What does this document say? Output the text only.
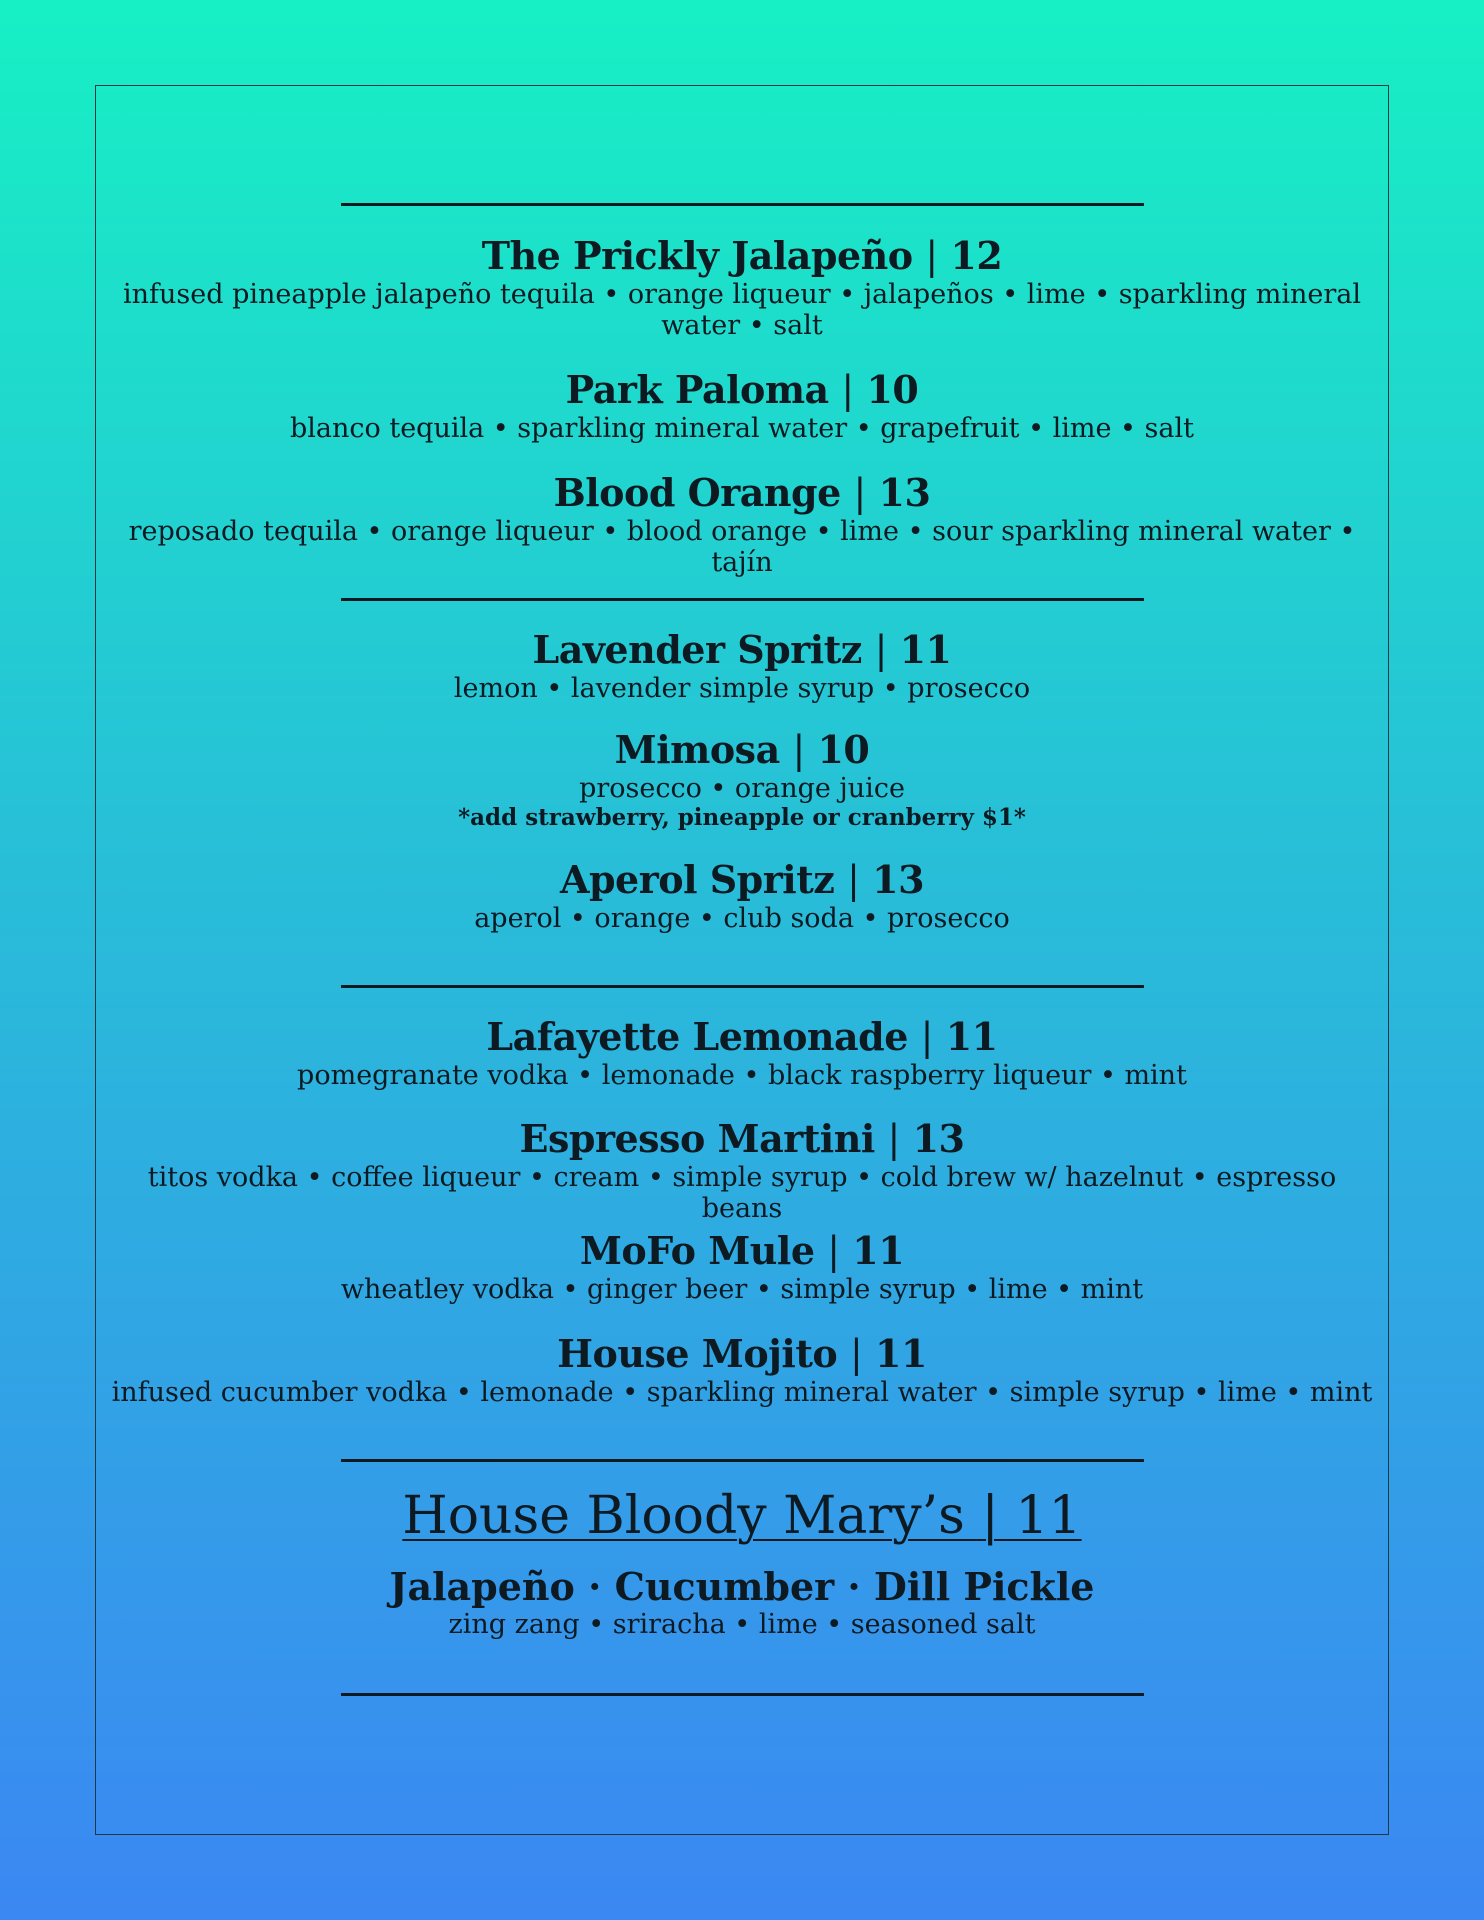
The Prickly Jalapeño | 12
infused pineapple jalapeño tequila • orange liqueur • jalapeños • lime • sparkling mineral water • salt
Park Paloma | 10
blanco tequila • sparkling mineral water • grapefruit • lime • salt
Blood Orange | 13
reposado tequila • orange liqueur • blood orange • lime • sour sparkling mineral water • tajín
Lavender Spritz | 11
lemon • lavender simple syrup • prosecco
Mimosa | 10
prosecco • orange juice
*add strawberry, pineapple or cranberry $1*
Aperol Spritz | 13
aperol • orange • club soda • prosecco
Lafayette Lemonade | 11
pomegranate vodka • lemonade • black raspberry liqueur • mint
Espresso Martini | 13
titos vodka • coffee liqueur • cream • simple syrup • cold brew w/ hazelnut • espresso beans
MoFo Mule | 11
wheatley vodka • ginger beer • simple syrup • lime • mint
House Mojito | 11
infused cucumber vodka • lemonade • sparkling mineral water • simple syrup • lime • mint
House Bloody Mary’s | 11
Jalapeño · Cucumber · Dill Pickle
zing zang • sriracha • lime • seasoned salt
